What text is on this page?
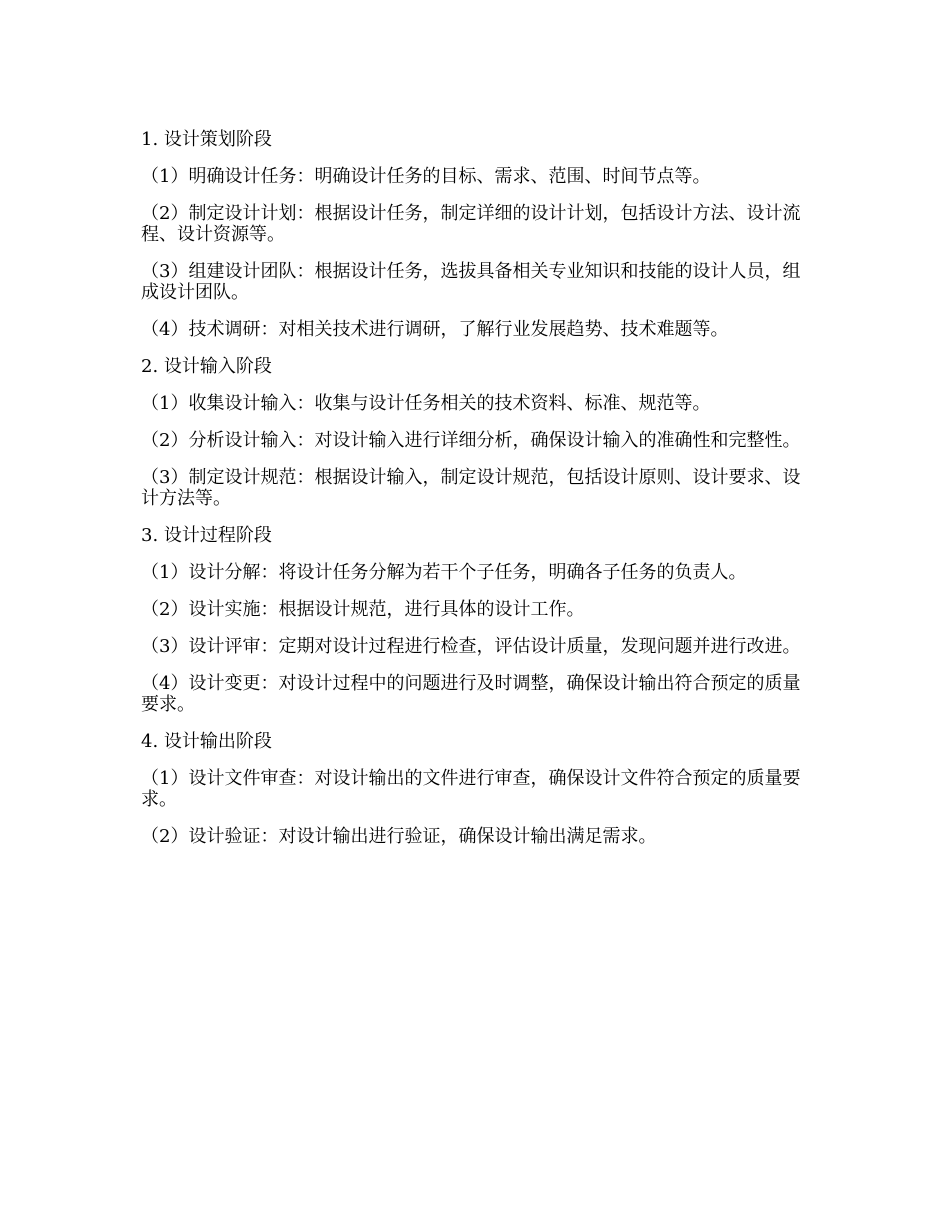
1. 设计策划阶段
（1）明确设计任务：明确设计任务的目标、需求、范围、时间节点等。
（2）制定设计计划：根据设计任务，制定详细的设计计划，包括设计方法、设计流程、设计资源等。
（3）组建设计团队：根据设计任务，选拔具备相关专业知识和技能的设计人员，组成设计团队。
（4）技术调研：对相关技术进行调研，了解行业发展趋势、技术难题等。
2. 设计输入阶段
（1）收集设计输入：收集与设计任务相关的技术资料、标准、规范等。
（2）分析设计输入：对设计输入进行详细分析，确保设计输入的准确性和完整性。
（3）制定设计规范：根据设计输入，制定设计规范，包括设计原则、设计要求、设计方法等。
3. 设计过程阶段
（1）设计分解：将设计任务分解为若干个子任务，明确各子任务的负责人。
（2）设计实施：根据设计规范，进行具体的设计工作。
（3）设计评审：定期对设计过程进行检查，评估设计质量，发现问题并进行改进。
（4）设计变更：对设计过程中的问题进行及时调整，确保设计输出符合预定的质量要求。
4. 设计输出阶段
（1）设计文件审查：对设计输出的文件进行审查，确保设计文件符合预定的质量要求。
（2）设计验证：对设计输出进行验证，确保设计输出满足需求。
